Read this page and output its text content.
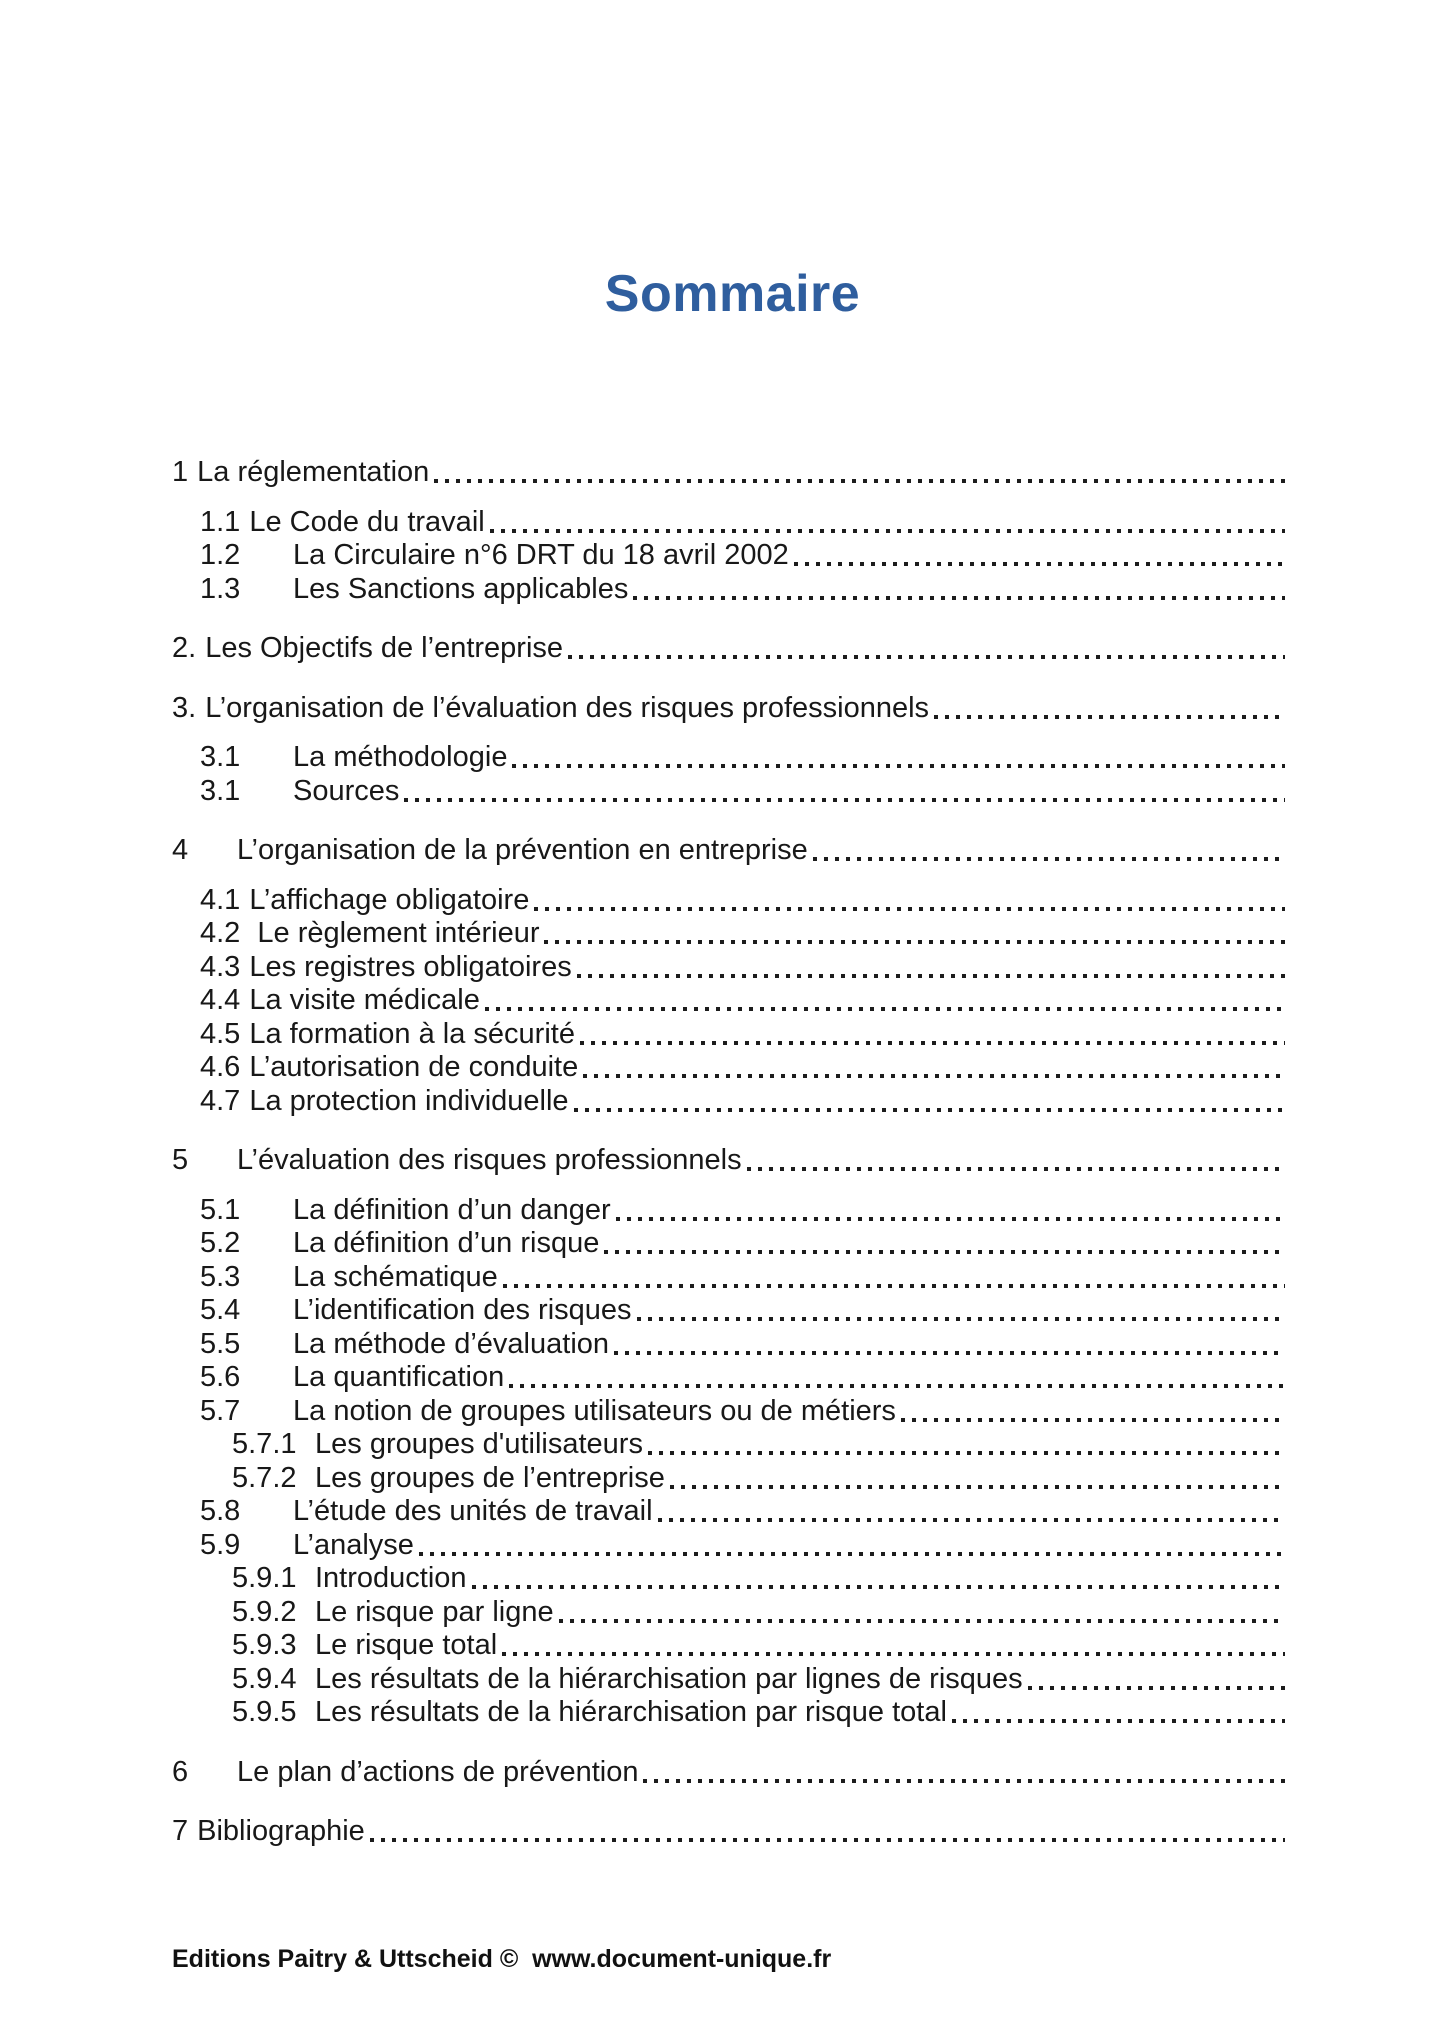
Sommaire
1 La réglementation
1.1 Le Code du travail
1.2	La Circulaire n°6 DRT du 18 avril 2002
1.3	Les Sanctions applicables
2. Les Objectifs de l’entreprise
3. L’organisation de l’évaluation des risques professionnels
3.1	La méthodologie
3.1	Sources
4	L’organisation de la prévention en entreprise
4.1 L’affichage obligatoire
4.2 Le règlement intérieur
4.3 Les registres obligatoires
4.4 La visite médicale
4.5 La formation à la sécurité
4.6 L’autorisation de conduite
4.7 La protection individuelle
5	L’évaluation des risques professionnels
5.1	La définition d’un danger
5.2	La définition d’un risque
5.3	La schématique
5.4	L’identification des risques
5.5	La méthode d’évaluation
5.6	La quantification
5.7	La notion de groupes utilisateurs ou de métiers
5.7.1 Les groupes d'utilisateurs
5.7.2 Les groupes de l’entreprise
5.8	L’étude des unités de travail
5.9	L’analyse
5.9.1 Introduction
5.9.2 Le risque par ligne
5.9.3 Le risque total
5.9.4 Les résultats de la hiérarchisation par lignes de risques
5.9.5 Les résultats de la hiérarchisation par risque total
6	Le plan d’actions de prévention
7 Bibliographie
Editions Paitry & Uttscheid ©  www.document-unique.fr
